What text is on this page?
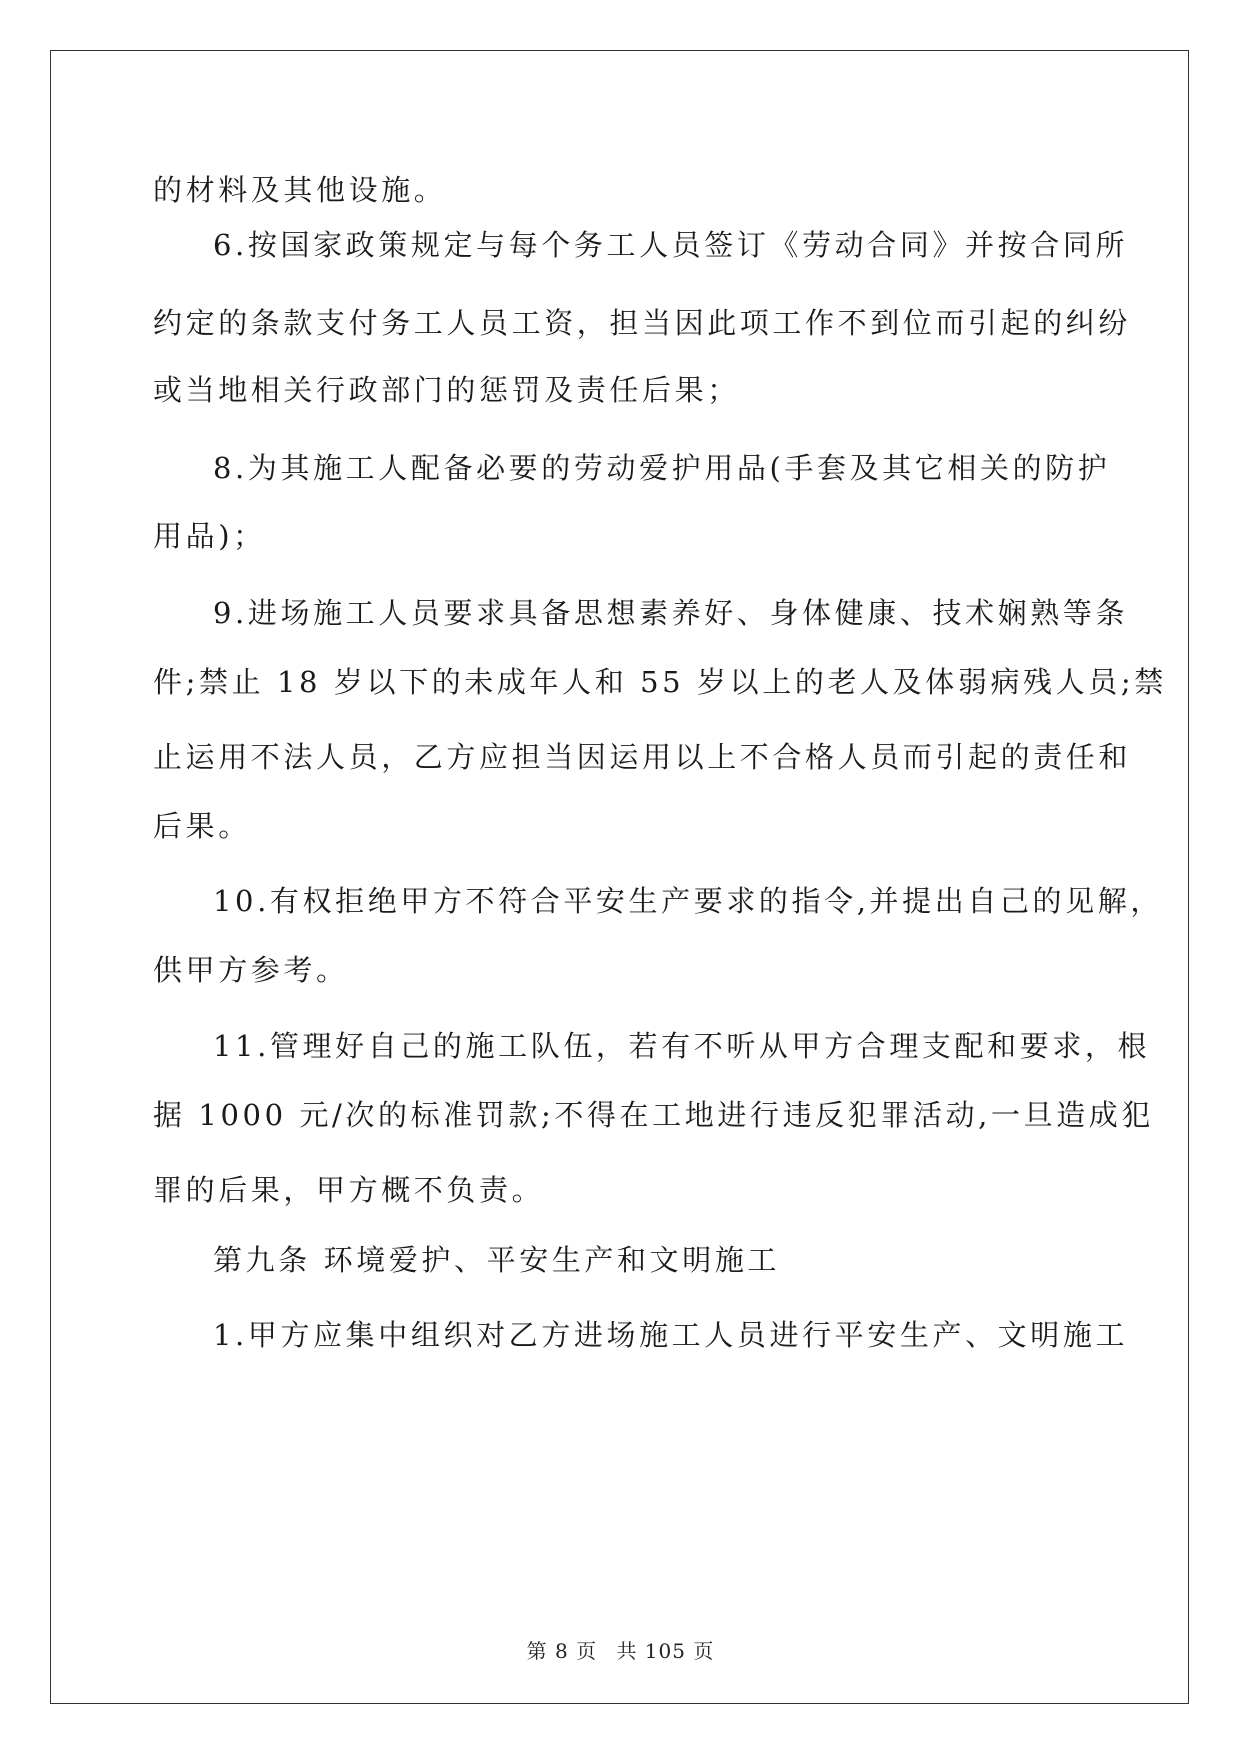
的材料及其他设施。
6.按国家政策规定与每个务工人员签订《劳动合同》并按合同所
约定的条款支付务工人员工资，担当因此项工作不到位而引起的纠纷
或当地相关行政部门的惩罚及责任后果；
8.为其施工人配备必要的劳动爱护用品(手套及其它相关的防护
用品)；
9.进场施工人员要求具备思想素养好、身体健康、技术娴熟等条
件;禁止 18 岁以下的未成年人和 55 岁以上的老人及体弱病残人员;禁
止运用不法人员，乙方应担当因运用以上不合格人员而引起的责任和
后果。
10.有权拒绝甲方不符合平安生产要求的指令,并提出自己的见解，
供甲方参考。
11.管理好自己的施工队伍，若有不听从甲方合理支配和要求，根
据 1000 元/次的标准罚款;不得在工地进行违反犯罪活动,一旦造成犯
罪的后果，甲方概不负责。
第九条 环境爱护、平安生产和文明施工
1.甲方应集中组织对乙方进场施工人员进行平安生产、文明施工
第 8 页 共 105 页
